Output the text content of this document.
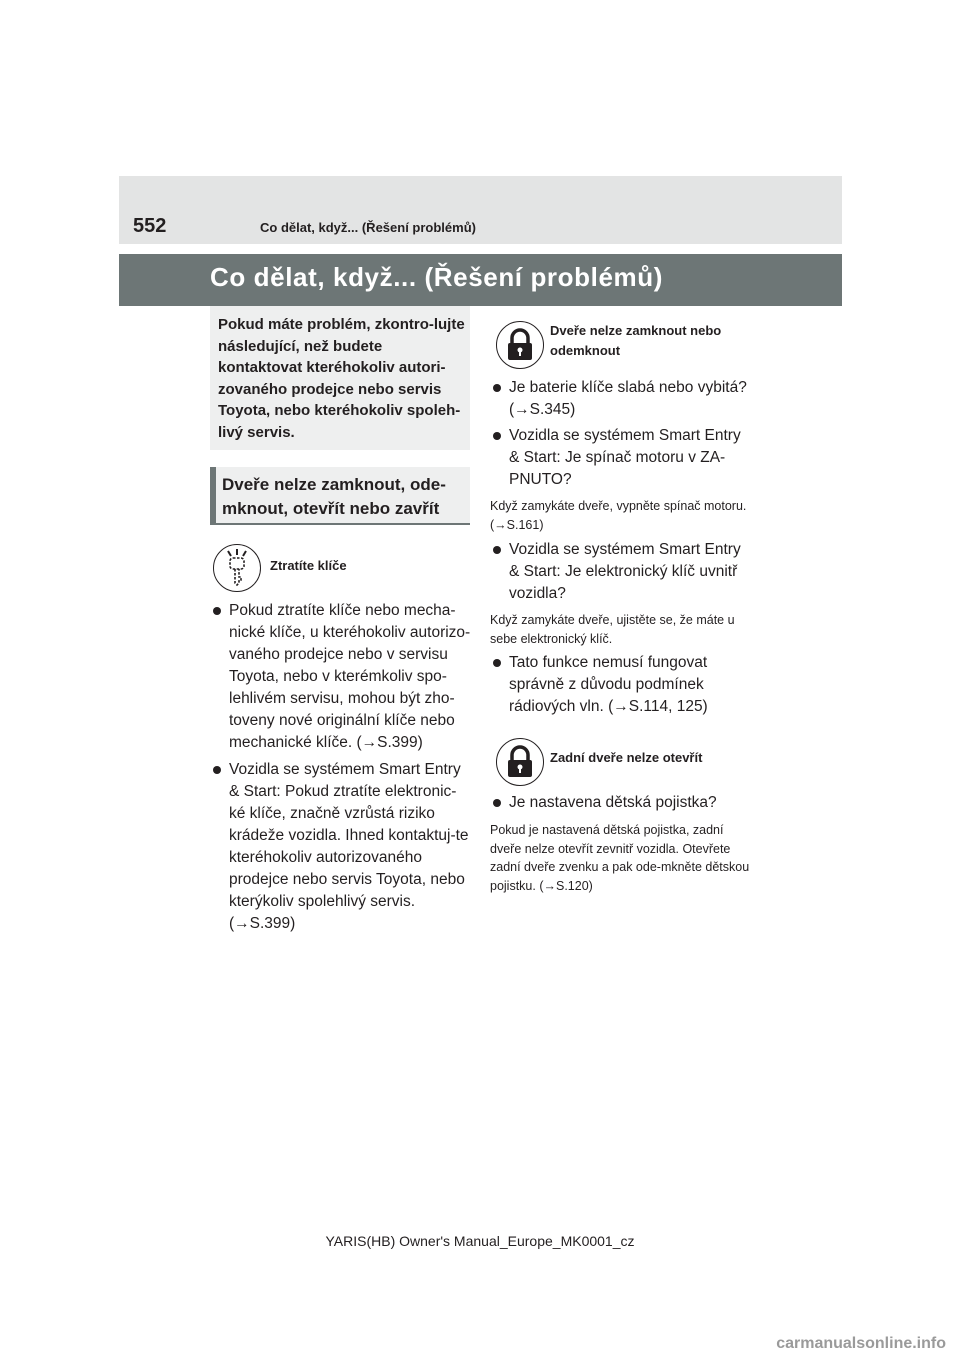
552	Co dělat, když... (Řešení problémů)
Co dělat, když... (Řešení problémů)
Pokud máte problém, zkontro-lujte následující, než budete kontaktovat kteréhokoliv autori-zovaného prodejce nebo servis Toyota, nebo kteréhokoliv spoleh-livý servis.
Dveře nelze zamknout, ode-mknout, otevřít nebo zavřít
Ztratíte klíče
Pokud ztratíte klíče nebo mecha-nické klíče, u kteréhokoliv autorizo-vaného prodejce nebo v servisu Toyota, nebo v kterémkoliv spo-lehlivém servisu, mohou být zho-toveny nové originální klíče nebo mechanické klíče. (→S.399)
Vozidla se systémem Smart Entry & Start: Pokud ztratíte elektronic-ké klíče, značně vzrůstá riziko krádeže vozidla. Ihned kontaktuj-te kteréhokoliv autorizovaného prodejce nebo servis Toyota, nebo kterýkoliv spolehlivý servis. (→S.399)
Dveře nelze zamknout nebo odemknout
Je baterie klíče slabá nebo vybitá? (→S.345)
Vozidla se systémem Smart Entry & Start: Je spínač motoru v ZA-PNUTO?
Když zamykáte dveře, vypněte spínač motoru. (→S.161)
Vozidla se systémem Smart Entry & Start: Je elektronický klíč uvnitř vozidla?
Když zamykáte dveře, ujistěte se, že máte u sebe elektronický klíč.
Tato funkce nemusí fungovat správně z důvodu podmínek rádiových vln. (→S.114, 125)
Zadní dveře nelze otevřít
Je nastavena dětská pojistka?
Pokud je nastavená dětská pojistka, zadní dveře nelze otevřít zevnitř vozidla. Otevřete zadní dveře zvenku a pak ode-mkněte dětskou pojistku. (→S.120)
YARIS(HB) Owner's Manual_Europe_MK0001_cz
carmanualsonline.info
